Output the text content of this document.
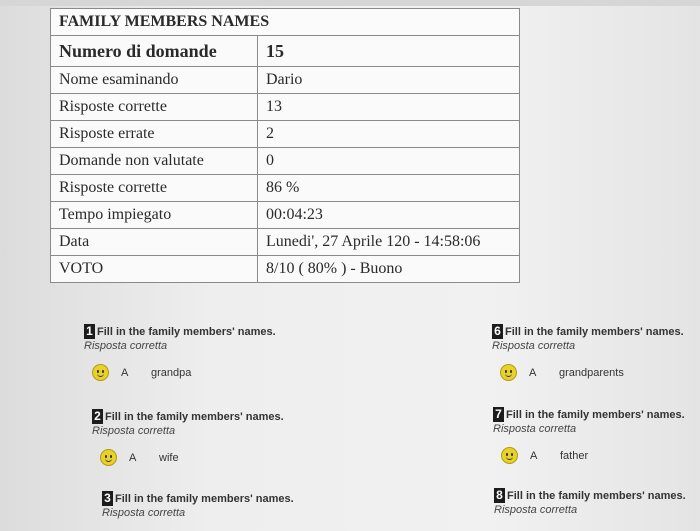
FAMILY MEMBERS NAMES	
Numero di domande	15
Nome esaminando	Dario
Risposte corrette	13
Risposte errate	2
Domande non valutate	0
Risposte corrette	86 %
Tempo impiegato	00:04:23
Data	Lunedi', 27 Aprile 120 - 14:58:06
VOTO	8/10 ( 80% ) - Buono
1 Fill in the family members' names.
Risposta corretta
A	grandpa
2 Fill in the family members' names.
Risposta corretta
A	wife
3 Fill in the family members' names.
Risposta corretta
6 Fill in the family members' names.
Risposta corretta
A	grandparents
7 Fill in the family members' names.
Risposta corretta
A	father
8 Fill in the family members' names.
Risposta corretta
